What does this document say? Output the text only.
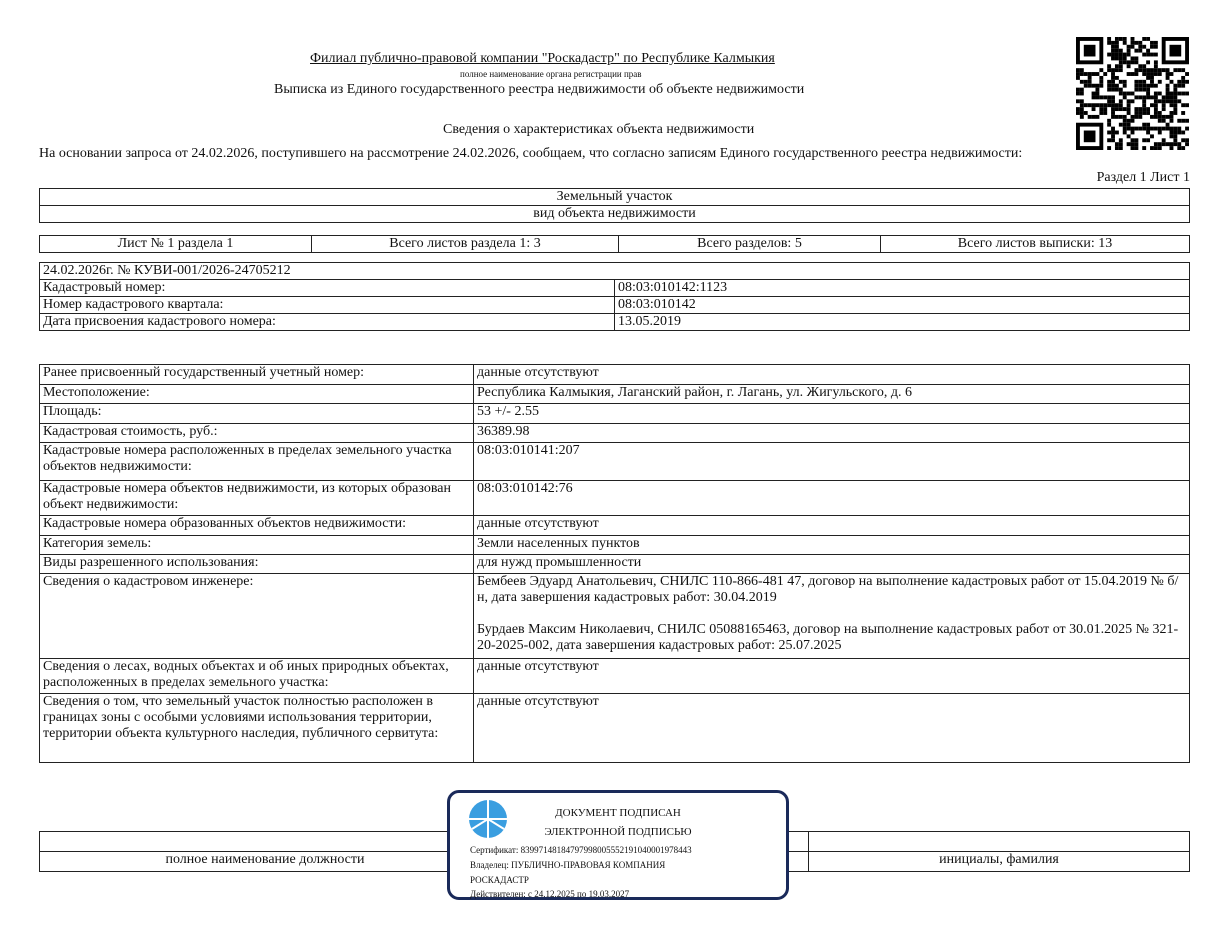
Филиал публично-правовой компании "Роскадастр" по Республике Калмыкия
полное наименование органа регистрации прав
Выписка из Единого государственного реестра недвижимости об объекте недвижимости
Сведения о характеристиках объекта недвижимости
На основании запроса от 24.02.2026, поступившего на рассмотрение 24.02.2026, сообщаем, что согласно записям Единого государственного реестра недвижимости:
Раздел 1 Лист 1
Земельный участок
вид объекта недвижимости
Лист № 1 раздела 1	Всего листов раздела 1: 3	Всего разделов: 5	Всего листов выписки: 13
24.02.2026г. № КУВИ-001/2026-24705212	
Кадастровый номер:	08:03:010142:1123

Номер кадастрового квартала:	08:03:010142

Дата присвоения кадастрового номера:	13.05.2019
Ранее присвоенный государственный учетный номер:	данные отсутствуют

Местоположение:	Республика Калмыкия, Лаганский район, г. Лагань, ул. Жигульского, д. 6

Площадь:	53 +/- 2.55

Кадастровая стоимость, руб.:	36389.98

Кадастровые номера расположенных в пределах земельного участка объектов недвижимости:	08:03:010141:207

Кадастровые номера объектов недвижимости, из которых образован объект недвижимости:	08:03:010142:76

Кадастровые номера образованных объектов недвижимости:	данные отсутствуют

Категория земель:	Земли населенных пунктов

Виды разрешенного использования:	для нужд промышленности

Сведения о кадастровом инженере:	Бембеев Эдуард Анатольевич, СНИЛС 110-866-481 47, договор на выполнение кадастровых работ от 15.04.2019 № б/н, дата завершения кадастровых работ: 30.04.2019
Бурдаев Максим Николаевич, СНИЛС 05088165463, договор на выполнение кадастровых работ от 30.01.2025 № 321-20-2025-002, дата завершения кадастровых работ: 25.07.2025

Сведения о лесах, водных объектах и об иных природных объектах, расположенных в пределах земельного участка:	данные отсутствуют

Сведения о том, что земельный участок полностью расположен в границах зоны с особыми условиями использования территории, территории объекта культурного наследия, публичного сервитута:	данные отсутствуют

полное наименование должности		инициалы, фамилия
ДОКУМЕНТ ПОДПИСАН
ЭЛЕКТРОННОЙ ПОДПИСЬЮ
Сертификат: 839971481847979980055521910400019784​43
Владелец: ПУБЛИЧНО-ПРАВОВАЯ КОМПАНИЯ
РОСКАДАСТР
Действителен: с 24.12.2025 по 19.03.2027
